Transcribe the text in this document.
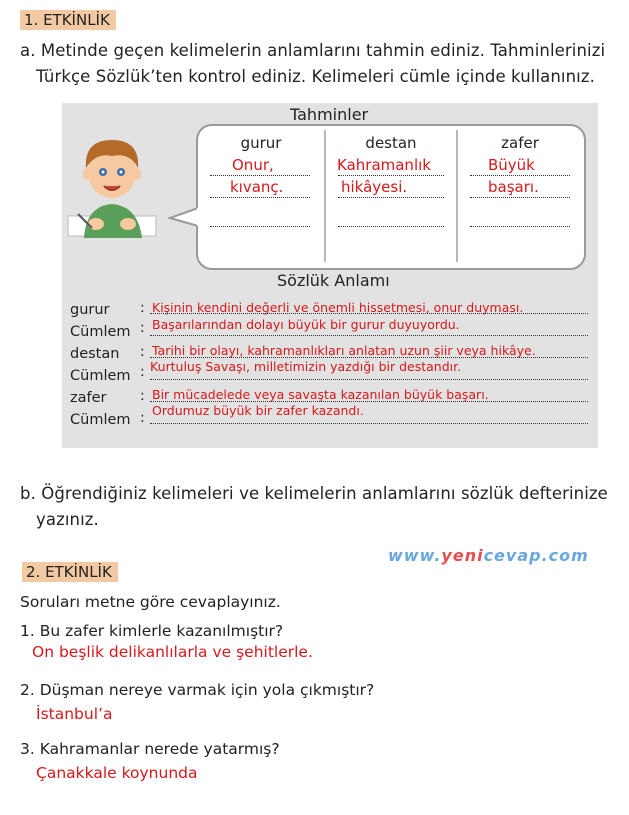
1. ETKİNLİK
a. Metinde geçen kelimelerin anlamlarını tahmin ediniz. Tahminlerinizi
Türkçe Sözlük’ten kontrol ediniz. Kelimeleri cümle içinde kullanınız.
Tahminler
gurur
Onur,
kıvanç.
destan
Kahramanlık
hikâyesi.
zafer
Büyük
başarı.
Sözlük Anlamı
gurur : Kişinin kendini değerli ve önemli hissetmesi, onur duyması.
Cümlem : Başarılarından dolayı büyük bir gurur duyuyordu.
destan : Tarihi bir olayı, kahramanlıkları anlatan uzun şiir veya hikâye.
Cümlem : Kurtuluş Savaşı, milletimizin yazdığı bir destandır.
zafer : Bir mücadelede veya savaşta kazanılan büyük başarı.
Cümlem : Ordumuz büyük bir zafer kazandı.
b. Öğrendiğiniz kelimeleri ve kelimelerin anlamlarını sözlük defterinize
yazınız.
www.yenicevap.com
2. ETKİNLİK
Soruları metne göre cevaplayınız.
1. Bu zafer kimlerle kazanılmıştır?
On beşlik delikanlılarla ve şehitlerle.
2. Düşman nereye varmak için yola çıkmıştır?
İstanbul’a
3. Kahramanlar nerede yatarmış?
Çanakkale koynunda
